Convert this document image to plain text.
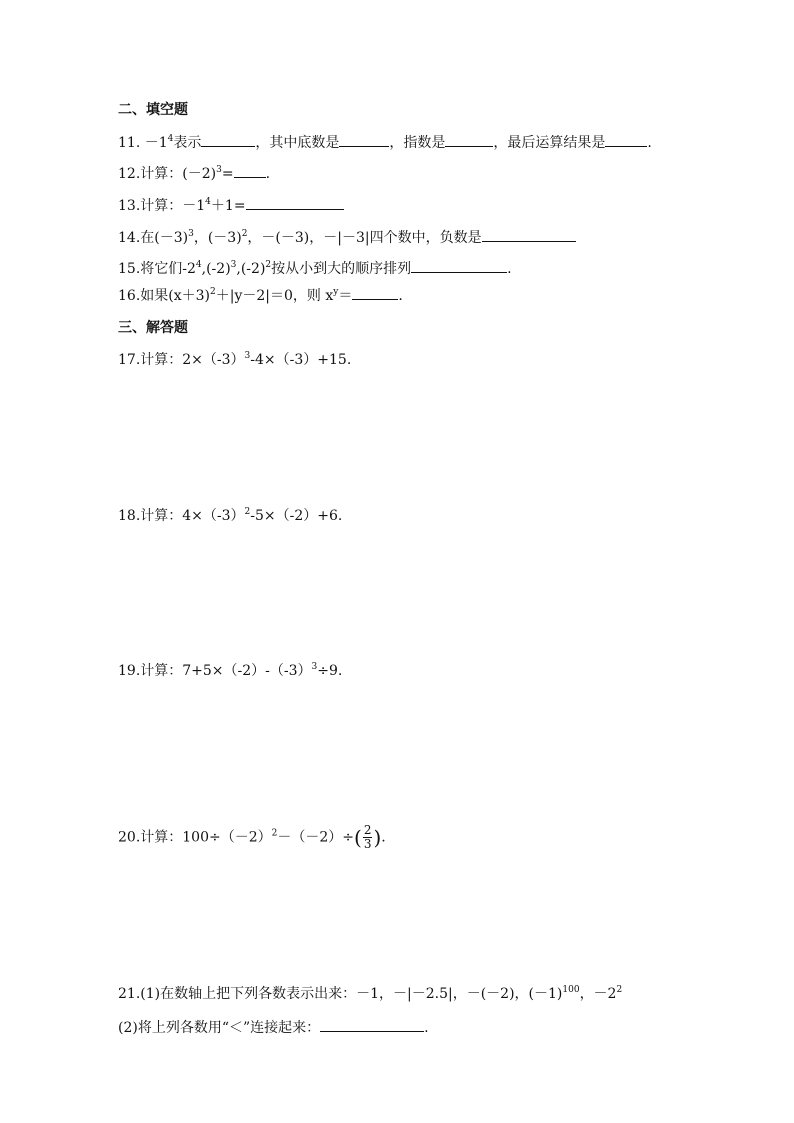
二、填空题
11. $-1^4$表示	，其中底数是	，指数是	，最后运算结果是	.
12.计算：$(-2)^3=$ .
13.计算：$-1^4+1=$
14.在$(-3)^3$，$(-3)^2$，－(－3)，－|－3|四个数中，负数是
15.将它们$-2^4,(-2)^3,(-2)^2$按从小到大的顺序排列	.
16.如果$(x+3)^2+|y-2|=0$，则 $x^y=$	.
三、解答题
17.计算：$2\times(-3)^3-4\times(-3)+15$.
18.计算：$4\times(-3)^2-5\times(-2)+6$.
19.计算：$7+5\times(-2)-(-3)^3\div 9$.
20.计算：$100\div(-2)^2-(-2)\div( \frac{2}{3}$ ).
21.(1)在数轴上把下列各数表示出来：－1，－|－2.5|，－(－2)，$(-1)^{100}$，$-2^2$
(2)将上列各数用“＜”连接起来：	.
